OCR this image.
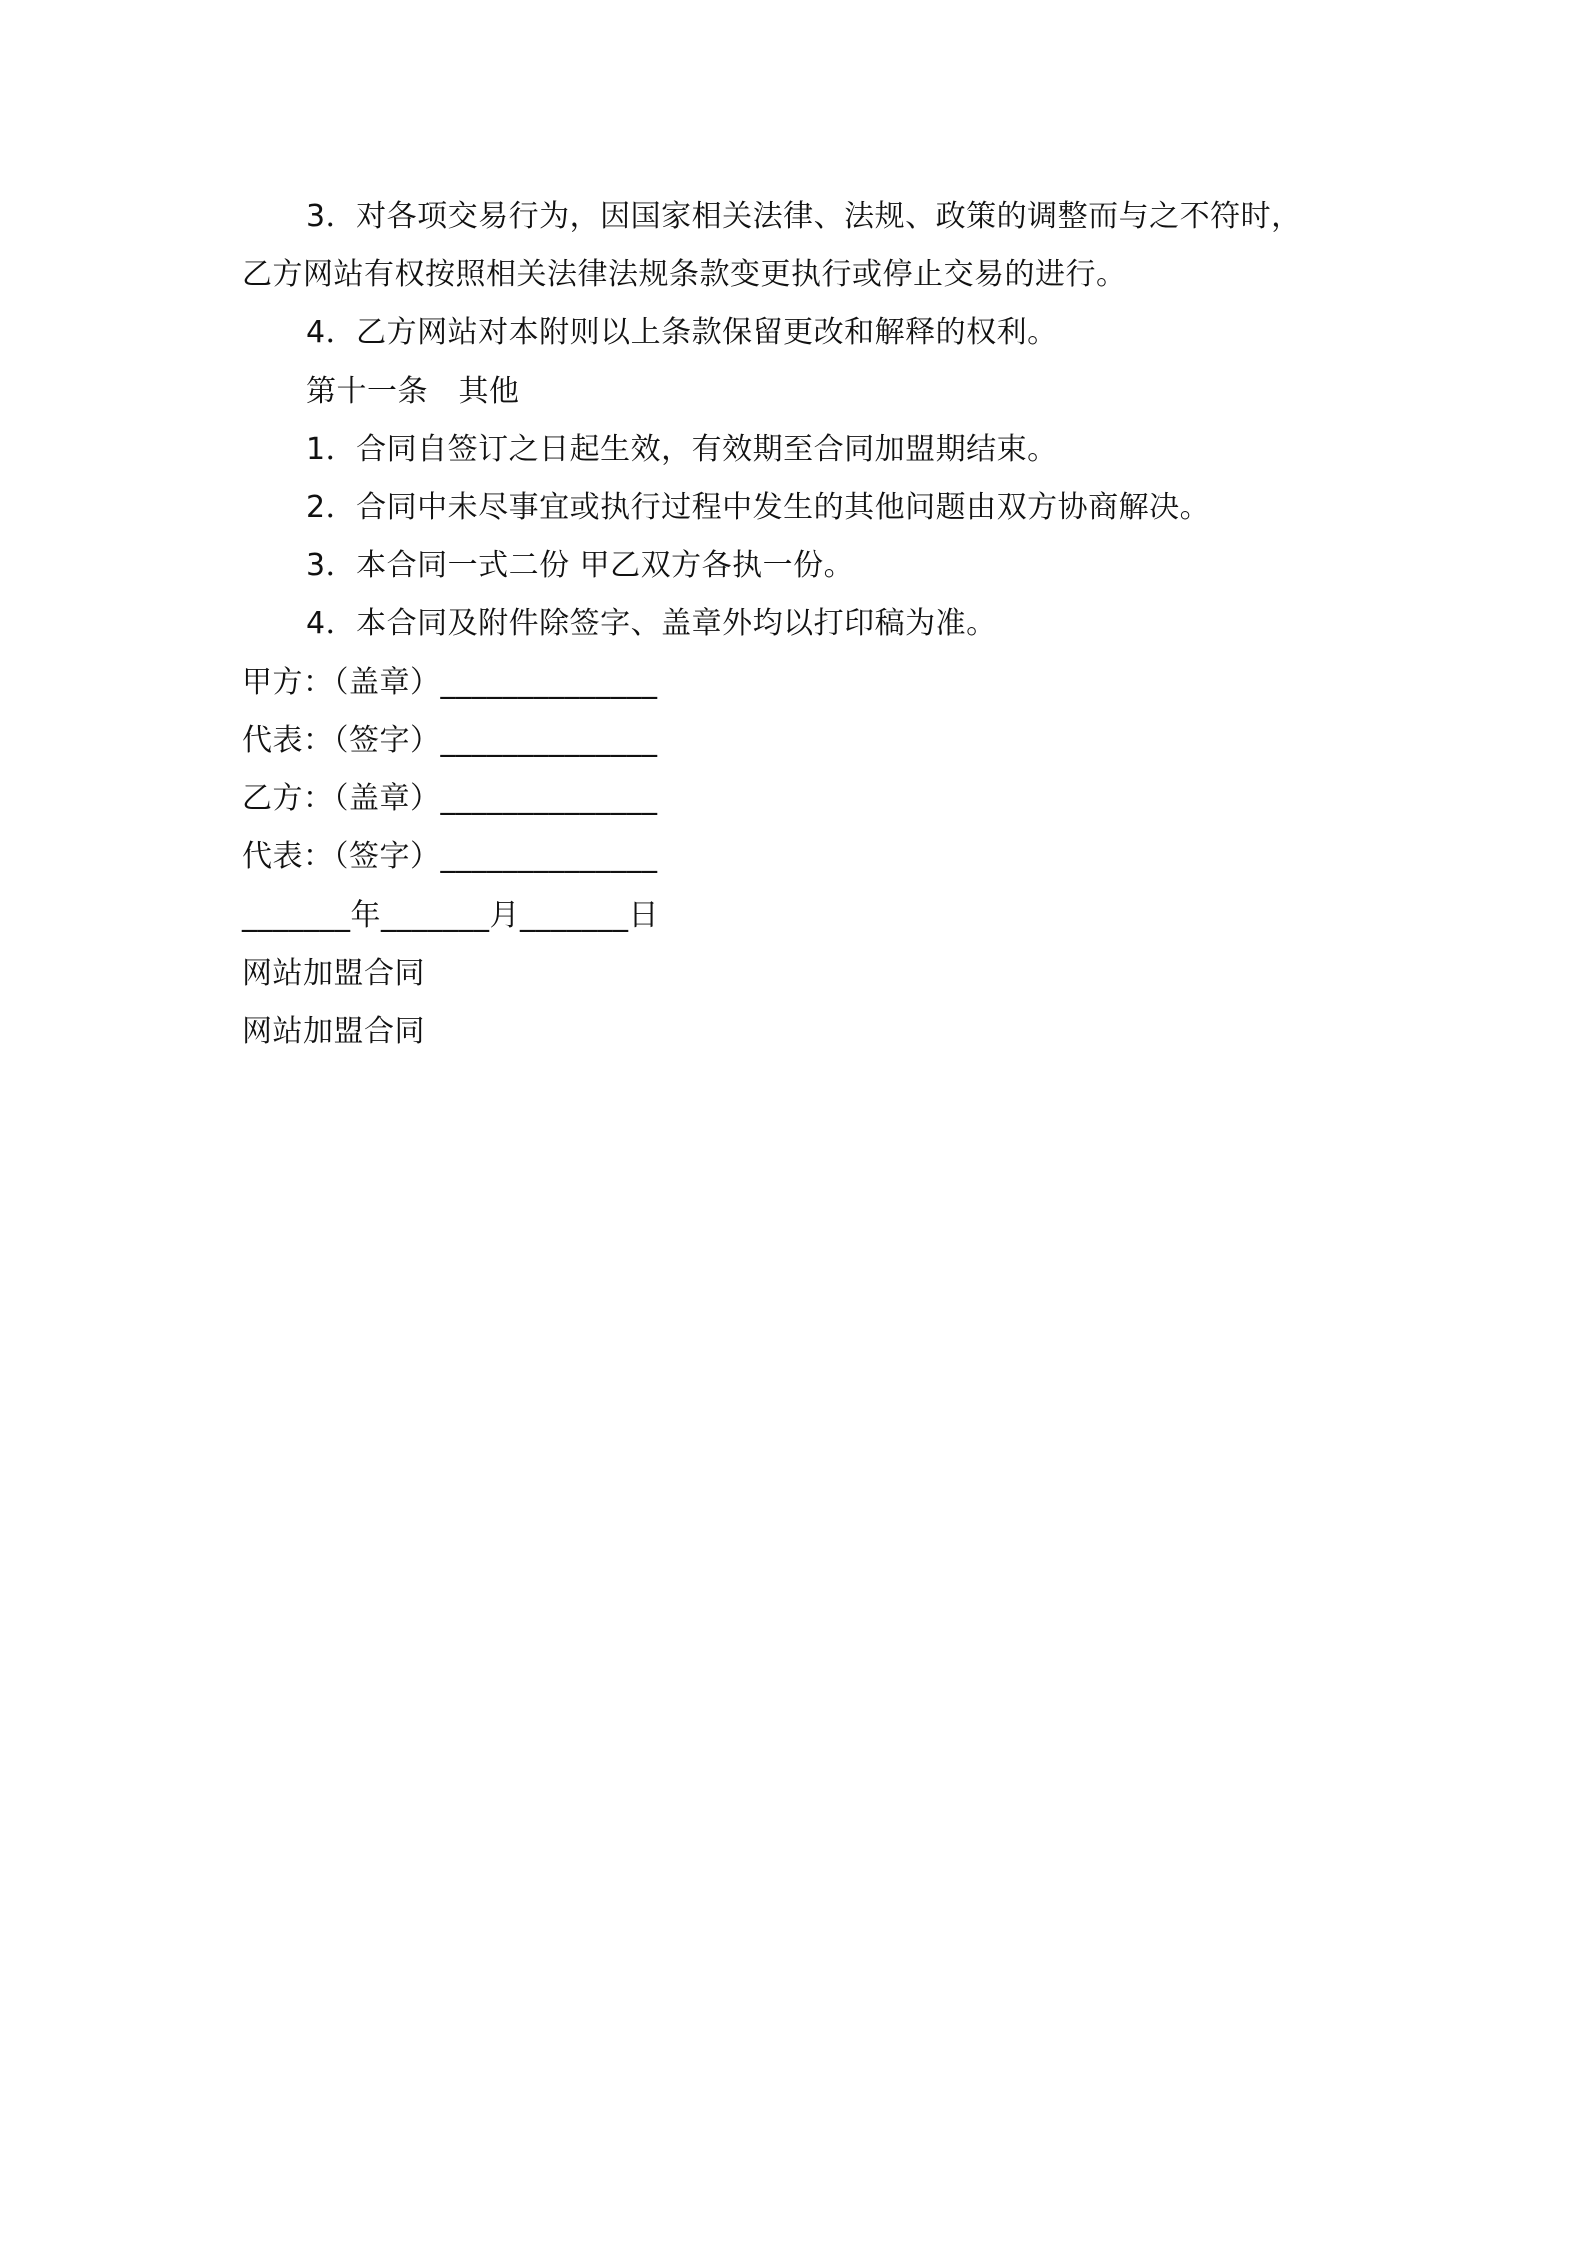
3．对各项交易行为，因国家相关法律、法规、政策的调整而与之不符时，
乙方网站有权按照相关法律法规条款变更执行或停止交易的进行。
4．乙方网站对本附则以上条款保留更改和解释的权利。
第十一条　其他
1．合同自签订之日起生效，有效期至合同加盟期结束。
2．合同中未尽事宜或执行过程中发生的其他问题由双方协商解决。
3．本合同一式二份 甲乙双方各执一份。
4．本合同及附件除签字、盖章外均以打印稿为准。
甲方：（盖章）______________
代表：（签字）______________
乙方：（盖章）______________
代表：（签字）______________
_______年_______月_______日
网站加盟合同
网站加盟合同
